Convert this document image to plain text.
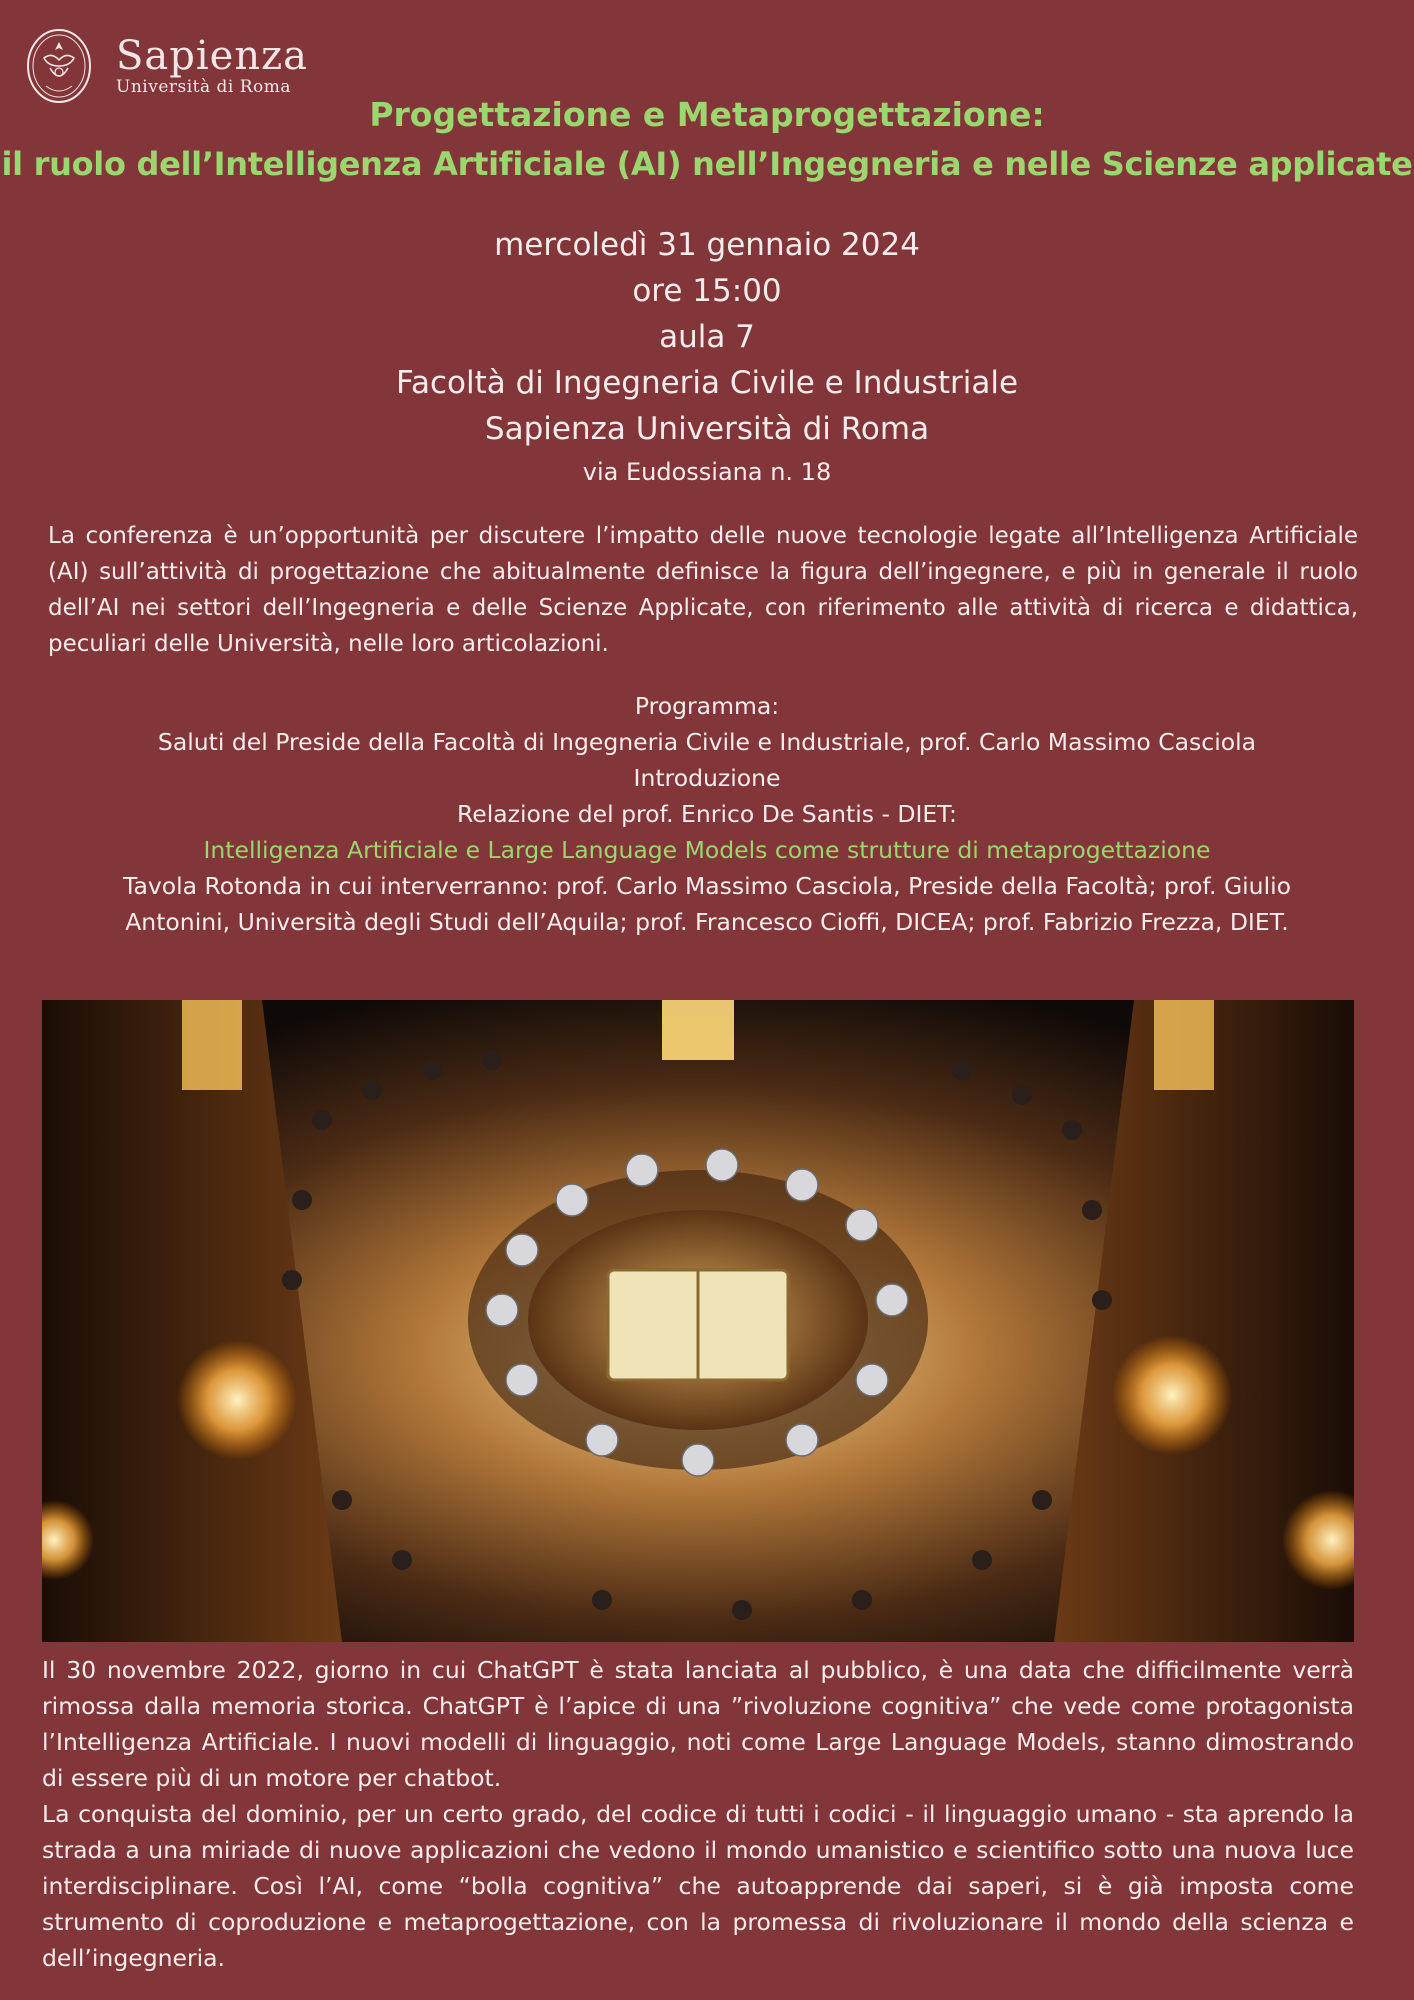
Sapienza
Università di Roma
Progettazione e Metaprogettazione:
il ruolo dell’Intelligenza Artificiale (AI) nell’Ingegneria e nelle Scienze applicate
mercoledì 31 gennaio 2024
ore 15:00
aula 7
Facoltà di Ingegneria Civile e Industriale
Sapienza Università di Roma
via Eudossiana n. 18
La conferenza è un’opportunità per discutere l’impatto delle nuove tecnologie legate all’Intelligenza Artificiale (AI) sull’attività di progettazione che abitualmente definisce la figura dell’ingegnere, e più in generale il ruolo dell’AI nei settori dell’Ingegneria e delle Scienze Applicate, con riferimento alle attività di ricerca e didattica, peculiari delle Università, nelle loro articolazioni.
Programma:
Saluti del Preside della Facoltà di Ingegneria Civile e Industriale, prof. Carlo Massimo Casciola
Introduzione
Relazione del prof. Enrico De Santis - DIET:
Intelligenza Artificiale e Large Language Models come strutture di metaprogettazione
Tavola Rotonda in cui interverranno: prof. Carlo Massimo Casciola, Preside della Facoltà; prof. Giulio
Antonini, Università degli Studi dell’Aquila; prof. Francesco Cioffi, DICEA; prof. Fabrizio Frezza, DIET.

Il 30 novembre 2022, giorno in cui ChatGPT è stata lanciata al pubblico, è una data che difficilmente verrà rimossa dalla memoria storica. ChatGPT è l’apice di una ”rivoluzione cognitiva” che vede come protagonista l’Intelligenza Artificiale. I nuovi modelli di linguaggio, noti come Large Language Models, stanno dimostrando di essere più di un motore per chatbot.

La conquista del dominio, per un certo grado, del codice di tutti i codici - il linguaggio umano - sta aprendo la strada a una miriade di nuove applicazioni che vedono il mondo umanistico e scientifico sotto una nuova luce interdisciplinare. Così l’AI, come “bolla cognitiva” che autoapprende dai saperi, si è già imposta come strumento di coproduzione e metaprogettazione, con la promessa di rivoluzionare il mondo della scienza e dell’ingegneria.
